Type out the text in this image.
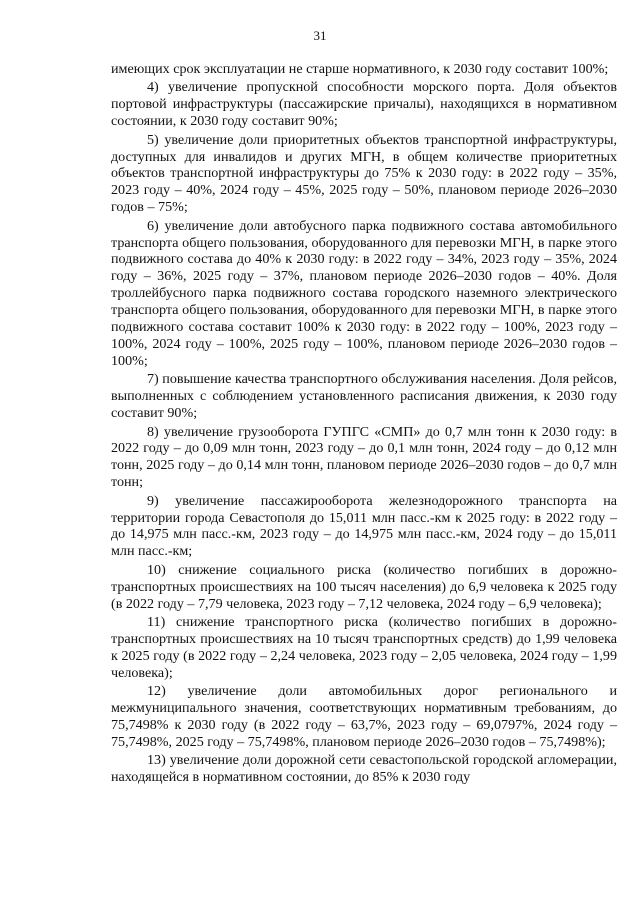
31

имеющих срок эксплуатации не старше нормативного, к 2030 году составит 100%;

4) увеличение пропускной способности морского порта. Доля объектов портовой инфраструктуры (пассажирские причалы), находящихся в нормативном состоянии, к 2030 году составит 90%;

5) увеличение доли приоритетных объектов транспортной инфраструктуры, доступных для инвалидов и других МГН, в общем количестве приоритетных объектов транспортной инфраструктуры до 75% к 2030 году: в 2022 году – 35%, 2023 году – 40%, 2024 году – 45%, 2025 году – 50%, плановом периоде 2026–2030 годов – 75%;

6) увеличение доли автобусного парка подвижного состава автомобильного транспорта общего пользования, оборудованного для перевозки МГН, в парке этого подвижного состава до 40% к 2030 году: в 2022 году – 34%, 2023 году – 35%, 2024 году – 36%, 2025 году – 37%, плановом периоде 2026–2030 годов – 40%. Доля троллейбусного парка подвижного состава городского наземного электрического транспорта общего пользования, оборудованного для перевозки МГН, в парке этого подвижного состава составит 100% к 2030 году: в 2022 году – 100%, 2023 году – 100%, 2024 году – 100%, 2025 году – 100%, плановом периоде 2026–2030 годов – 100%;

7) повышение качества транспортного обслуживания населения. Доля рейсов, выполненных с соблюдением установленного расписания движения, к 2030 году составит 90%;

8) увеличение грузооборота ГУПГС «СМП» до 0,7 млн тонн к 2030 году: в 2022 году – до 0,09 млн тонн, 2023 году – до 0,1 млн тонн, 2024 году – до 0,12 млн тонн, 2025 году – до 0,14 млн тонн, плановом периоде 2026–2030 годов – до 0,7 млн тонн;

9) увеличение пассажирооборота железнодорожного транспорта на территории города Севастополя до 15,011 млн пасс.-км к 2025 году: в 2022 году – до 14,975 млн пасс.-км, 2023 году – до 14,975 млн пасс.-км, 2024 году – до 15,011 млн пасс.-км;

10) снижение социального риска (количество погибших в дорожно-транспортных происшествиях на 100 тысяч населения) до 6,9 человека к 2025 году (в 2022 году – 7,79 человека, 2023 году – 7,12 человека, 2024 году – 6,9 человека);

11) снижение транспортного риска (количество погибших в дорожно-транспортных происшествиях на 10 тысяч транспортных средств) до 1,99 человека к 2025 году (в 2022 году – 2,24 человека, 2023 году – 2,05 человека, 2024 году – 1,99 человека);

12) увеличение доли автомобильных дорог регионального и межмуниципального значения, соответствующих нормативным требованиям, до 75,7498% к 2030 году (в 2022 году – 63,7%, 2023 году – 69,0797%, 2024 году – 75,7498%, 2025 году – 75,7498%, плановом периоде 2026–2030 годов – 75,7498%);

13) увеличение доли дорожной сети севастопольской городской агломерации, находящейся в нормативном состоянии, до 85% к 2030 году
